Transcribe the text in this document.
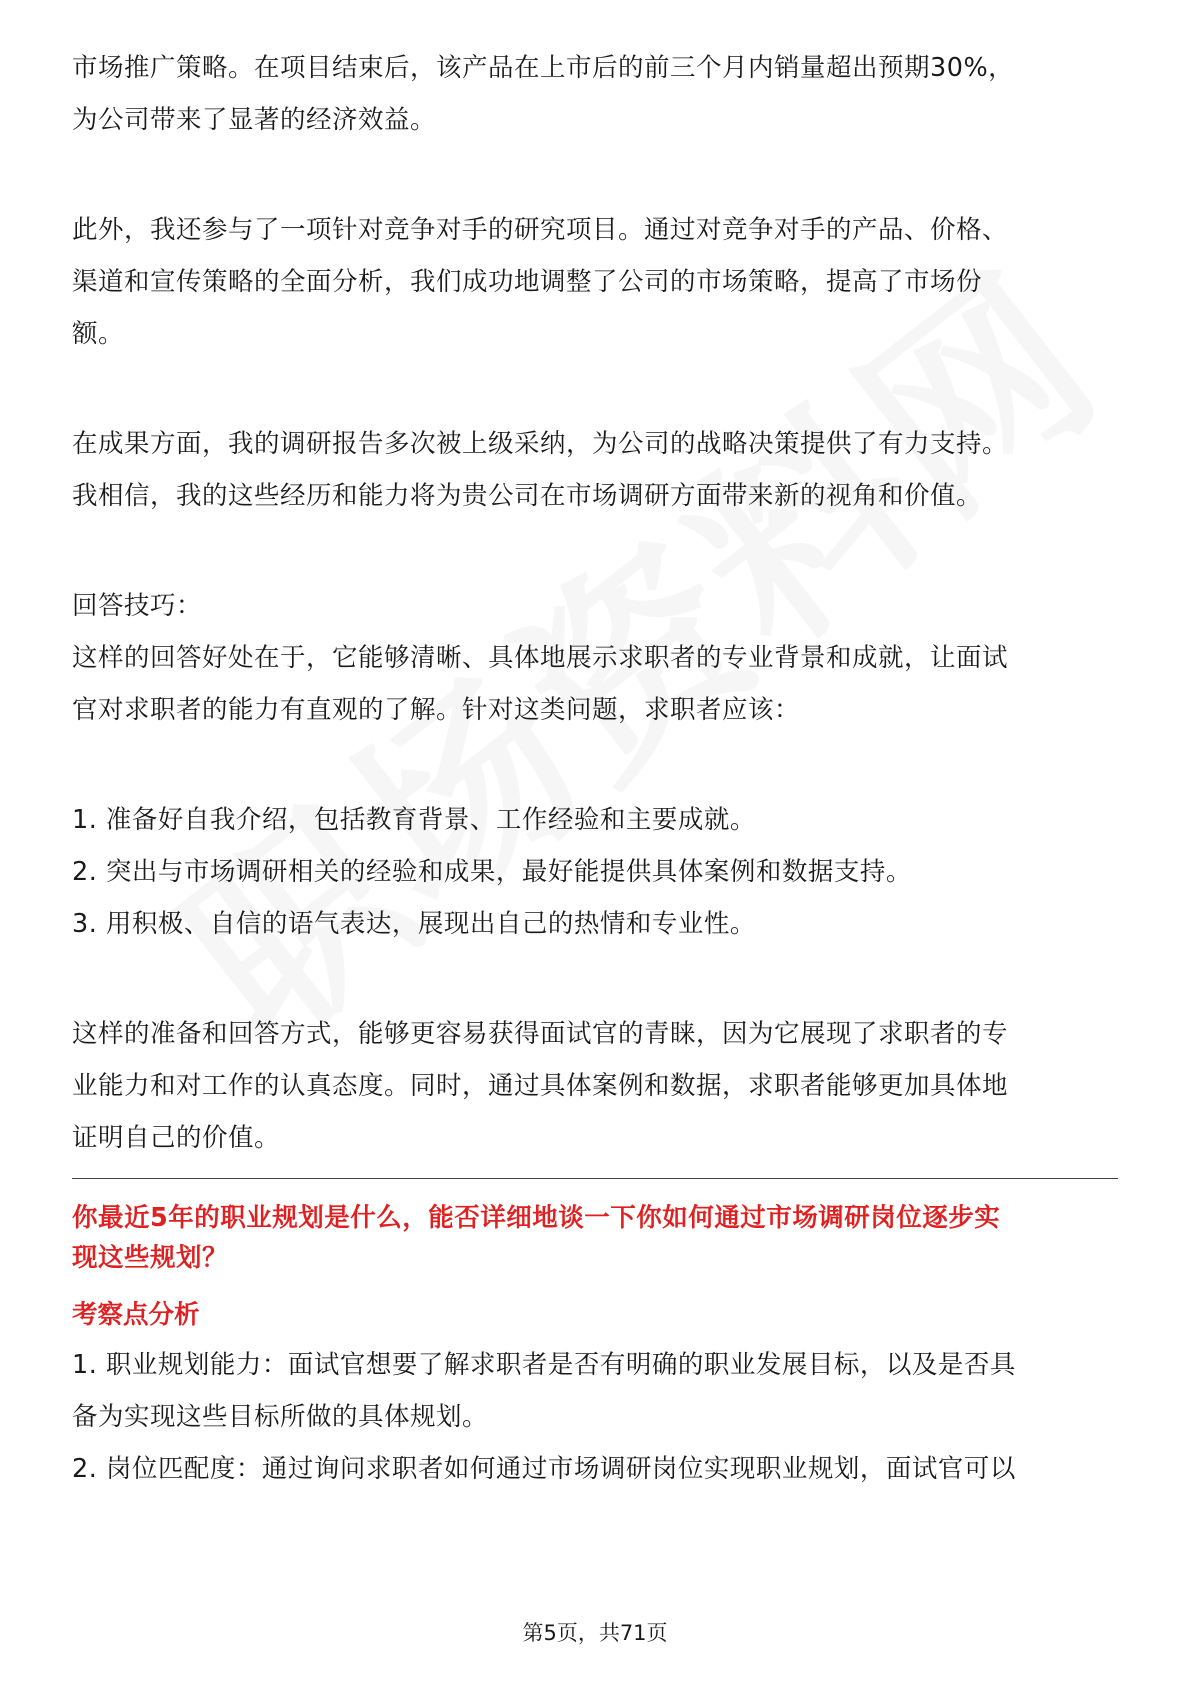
市场推广策略。在项目结束后，该产品在上市后的前三个月内销量超出预期30%，
为公司带来了显著的经济效益。
此外，我还参与了一项针对竞争对手的研究项目。通过对竞争对手的产品、价格、
渠道和宣传策略的全面分析，我们成功地调整了公司的市场策略，提高了市场份
额。
在成果方面，我的调研报告多次被上级采纳，为公司的战略决策提供了有力支持。
我相信，我的这些经历和能力将为贵公司在市场调研方面带来新的视角和价值。
回答技巧：
这样的回答好处在于，它能够清晰、具体地展示求职者的专业背景和成就，让面试
官对求职者的能力有直观的了解。针对这类问题，求职者应该：
1. 准备好自我介绍，包括教育背景、工作经验和主要成就。
2. 突出与市场调研相关的经验和成果，最好能提供具体案例和数据支持。
3. 用积极、自信的语气表达，展现出自己的热情和专业性。
这样的准备和回答方式，能够更容易获得面试官的青睐，因为它展现了求职者的专
业能力和对工作的认真态度。同时，通过具体案例和数据，求职者能够更加具体地
证明自己的价值。
你最近5年的职业规划是什么，能否详细地谈一下你如何通过市场调研岗位逐步实
现这些规划？
考察点分析
1. 职业规划能力：面试官想要了解求职者是否有明确的职业发展目标，以及是否具
备为实现这些目标所做的具体规划。
2. 岗位匹配度：通过询问求职者如何通过市场调研岗位实现职业规划，面试官可以
第5页，共71页
